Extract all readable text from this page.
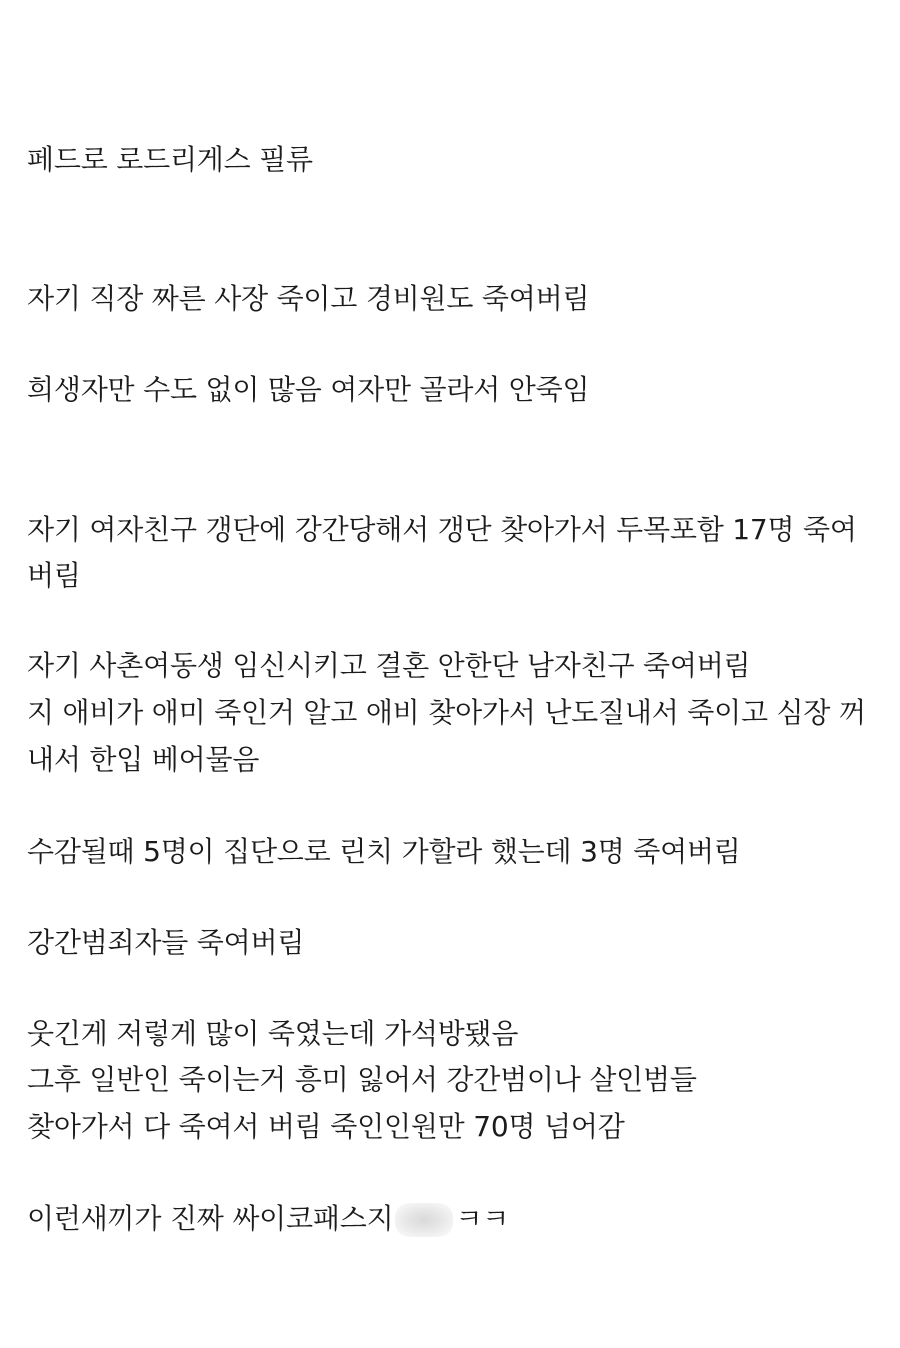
페드로 로드리게스 필류
자기 직장 짜른 사장 죽이고 경비원도 죽여버림
희생자만 수도 없이 많음 여자만 골라서 안죽임
자기 여자친구 갱단에 강간당해서 갱단 찾아가서 두목포함 17명 죽여
버림
자기 사촌여동생 임신시키고 결혼 안한단 남자친구 죽여버림
지 애비가 애미 죽인거 알고 애비 찾아가서 난도질내서 죽이고 심장 꺼
내서 한입 베어물음
수감될때 5명이 집단으로 린치 가할라 했는데 3명 죽여버림
강간범죄자들 죽여버림
웃긴게 저렇게 많이 죽였는데 가석방됐음
그후 일반인 죽이는거 흥미 잃어서 강간범이나 살인범들
찾아가서 다 죽여서 버림 죽인인원만 70명 넘어감
이런새끼가 진짜 싸이코패스지 ㅋㅋ
